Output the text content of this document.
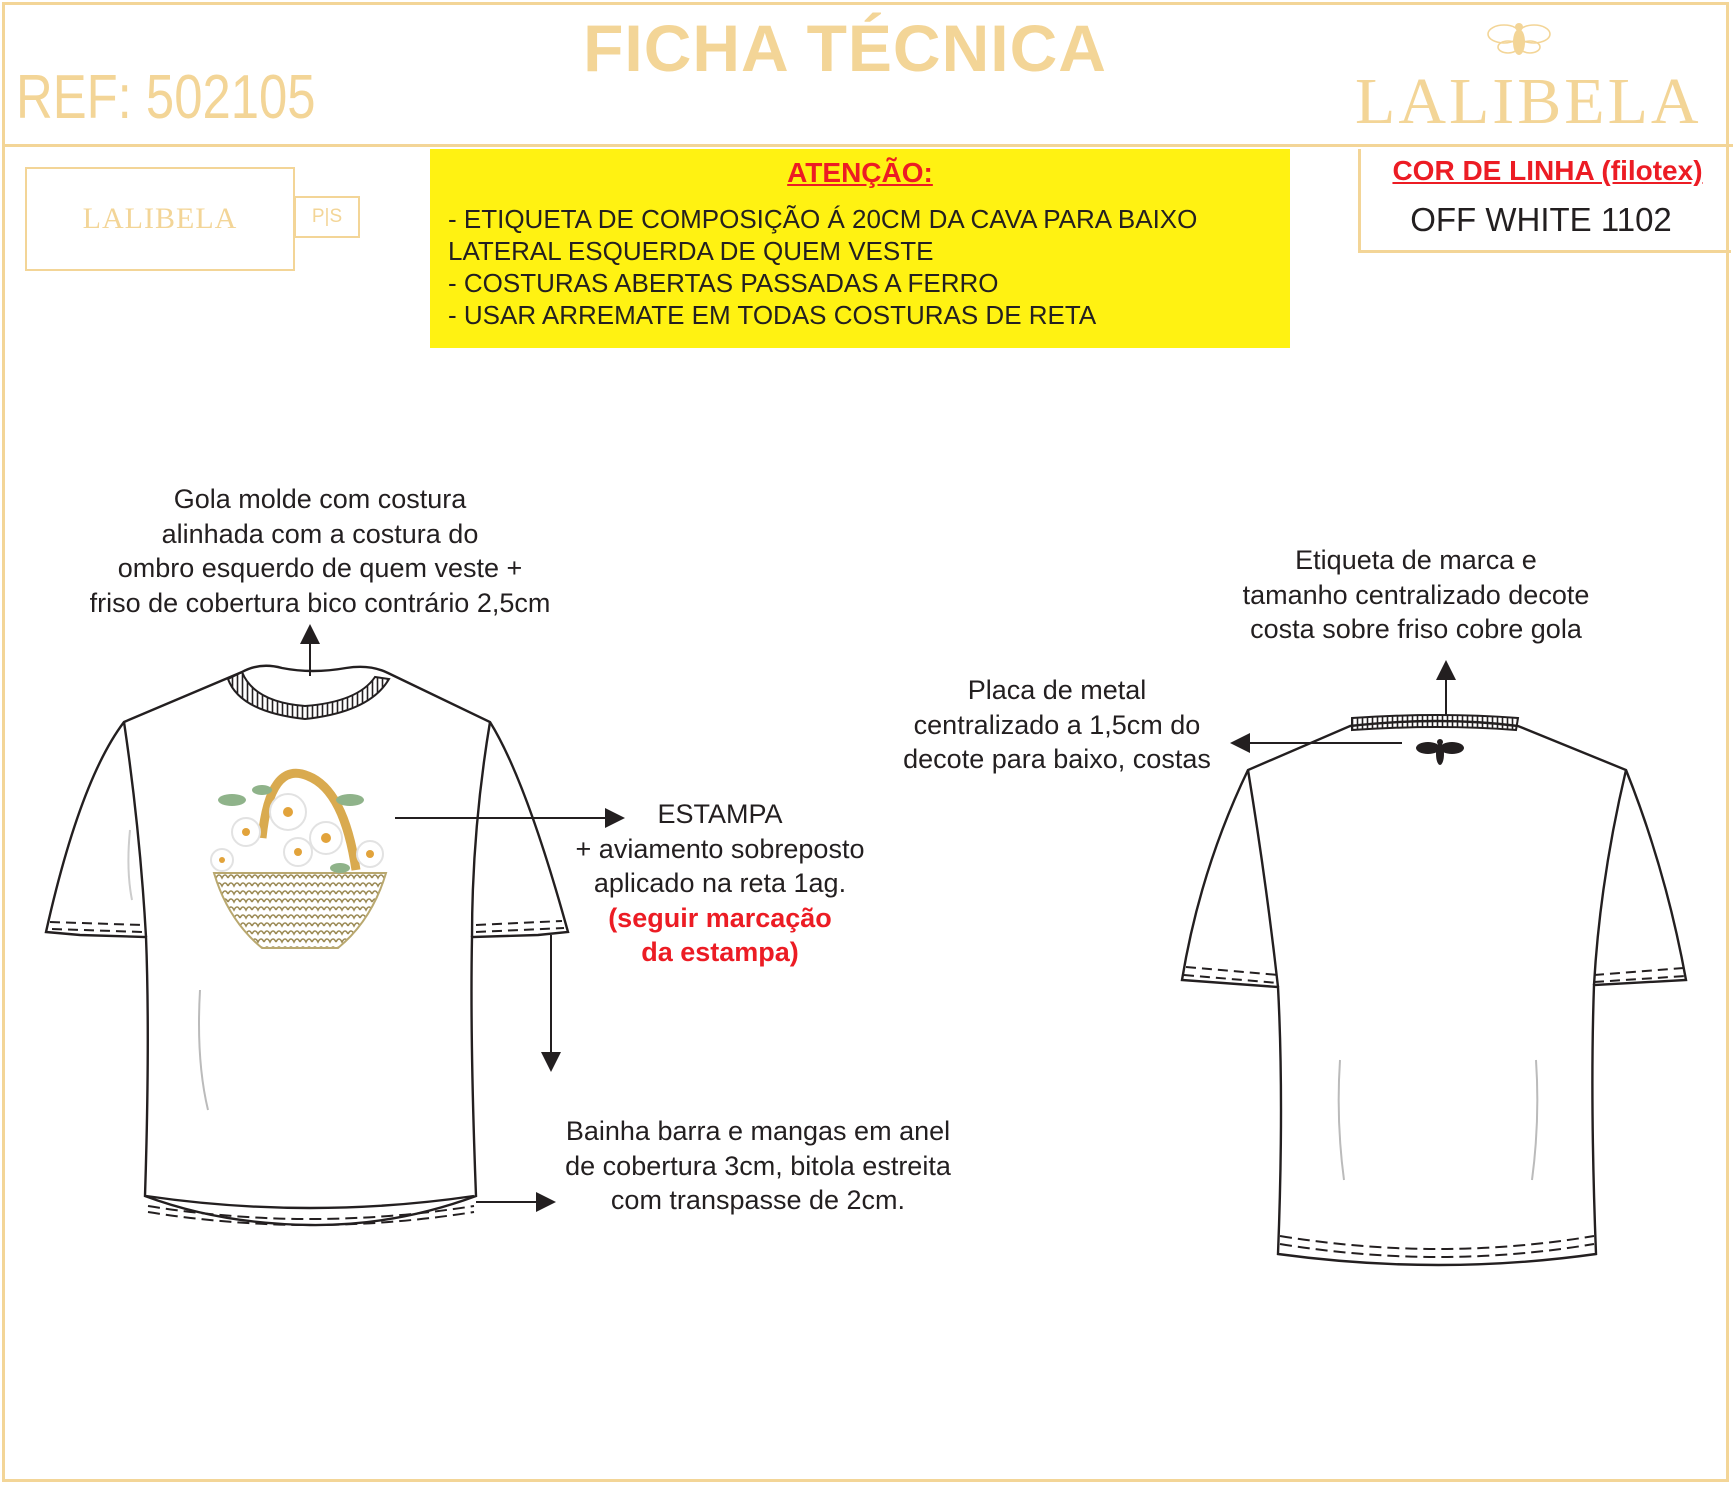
FICHA TÉCNICA
REF: 502105	LALIBELA
LALIBELA	P|S
ATENÇÃO:
- ETIQUETA DE COMPOSIÇÃO Á 20CM DA CAVA PARA BAIXO
LATERAL ESQUERDA DE QUEM VESTE
- COSTURAS ABERTAS PASSADAS A FERRO
- USAR ARREMATE EM TODAS COSTURAS DE RETA
COR DE LINHA (filotex)
OFF WHITE 1102
Gola molde com costura
alinhada com a costura do
ombro esquerdo de quem veste +
friso de cobertura bico contrário 2,5cm
ESTAMPA
+ aviamento sobreposto
aplicado na reta 1ag.
(seguir marcação
da estampa)
Bainha barra e mangas em anel
de cobertura 3cm, bitola estreita
com transpasse de 2cm.
Etiqueta de marca e
tamanho centralizado decote
costa sobre friso cobre gola
Placa de metal
centralizado a 1,5cm do
decote para baixo, costas
